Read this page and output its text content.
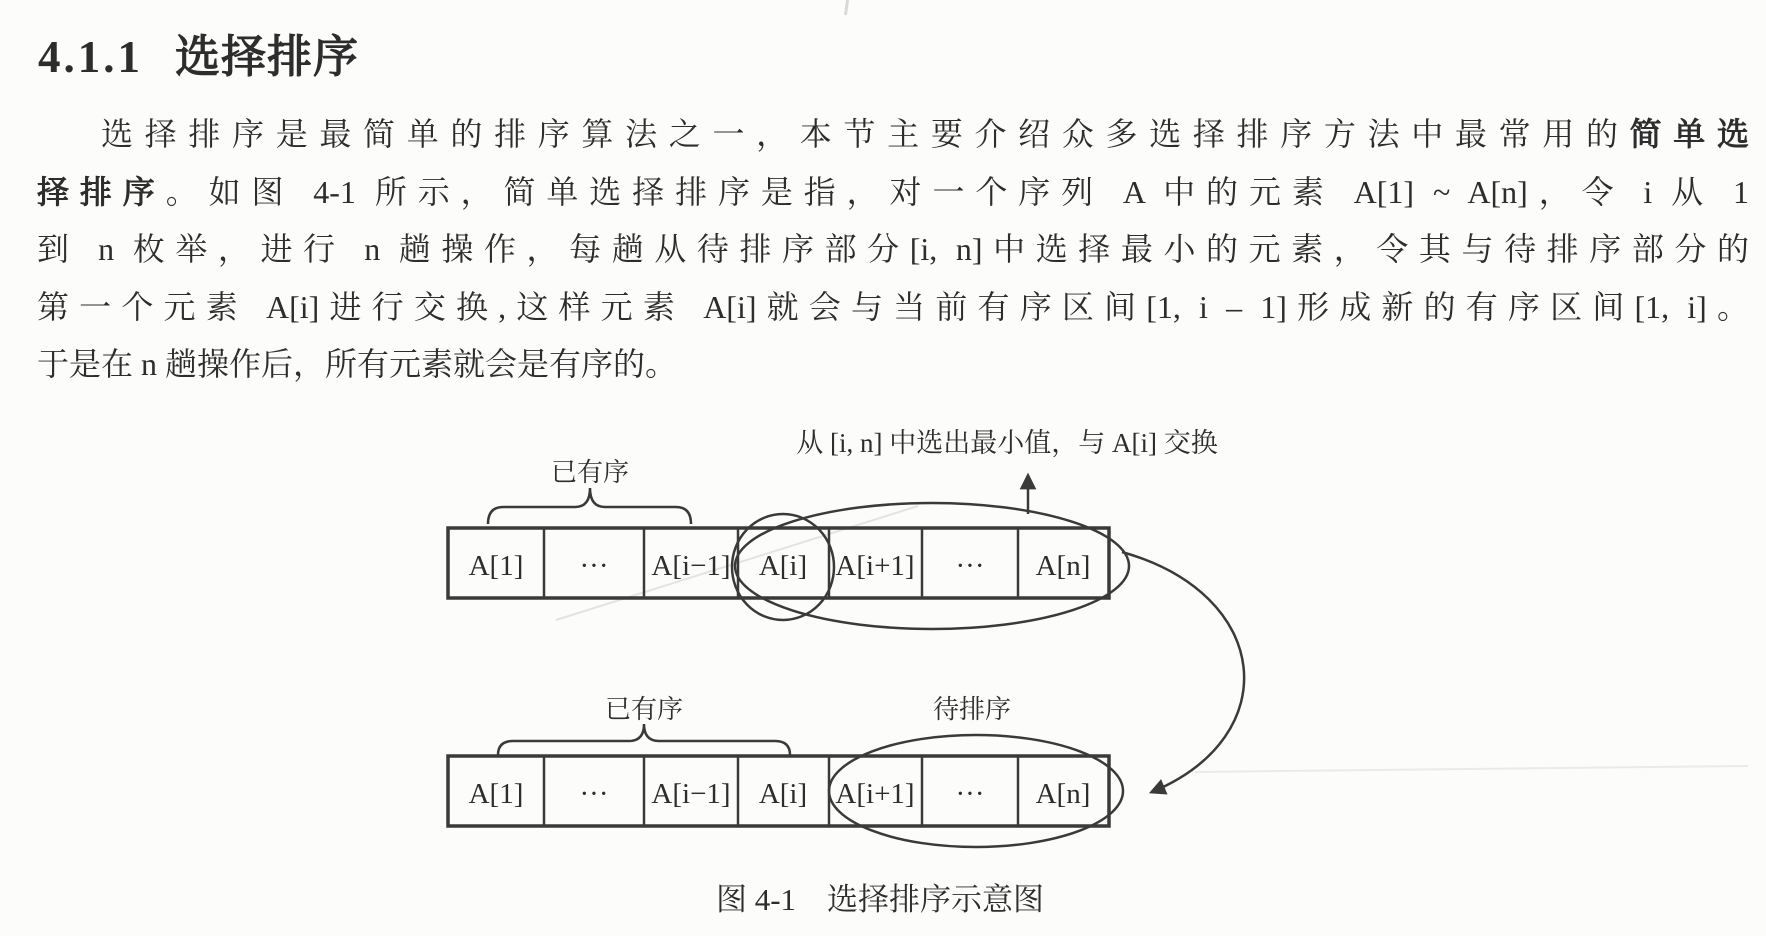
4.1.1 选择排序
选择排序是最简单的排序算法之一，本节主要介绍众多选择排序方法中最常用的简单选
择排序。如图 4-1 所示，简单选择排序是指，对一个序列 A 中的元素 A[1] ~ A[n]，令 i 从 1
到 n 枚举，进行 n 趟操作，每趟从待排序部分[i, n]中选择最小的元素，令其与待排序部分的
第一个元素 A[i]进行交换,这样元素 A[i]就会与当前有序区间[1, i – 1]形成新的有序区间[1, i]。
于是在 n 趟操作后，所有元素就会是有序的。
从 [i, n] 中选出最小值，与 A[i] 交换
已有序
A[1] ··· A[i−1] A[i] A[i+1] ··· A[n]
已有序	待排序
A[1] ··· A[i−1] A[i] A[i+1] ··· A[n]
图 4-1　选择排序示意图
